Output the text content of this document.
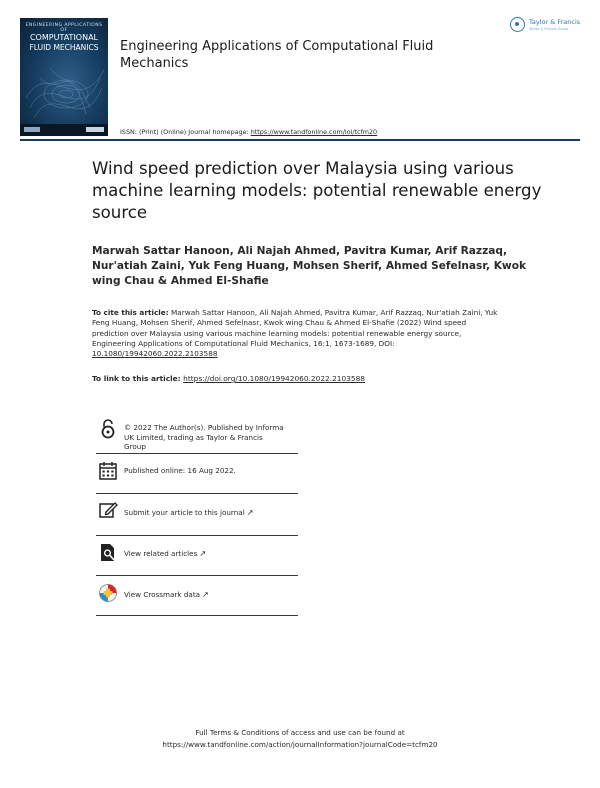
ENGINEERING APPLICATIONS OF
COMPUTATIONAL
FLUID MECHANICS	Engineering Applications of Computational Fluid Mechanics
ISSN: (Print) (Online) Journal homepage: https://www.tandfonline.com/loi/tcfm20
Taylor & Francis
Taylor & Francis Group
Wind speed prediction over Malaysia using various machine learning models: potential renewable energy source
Marwah Sattar Hanoon, Ali Najah Ahmed, Pavitra Kumar, Arif Razzaq, Nur'atiah Zaini, Yuk Feng Huang, Mohsen Sherif, Ahmed Sefelnasr, Kwok wing Chau & Ahmed El-Shafie
To cite this article: Marwah Sattar Hanoon, Ali Najah Ahmed, Pavitra Kumar, Arif Razzaq, Nur'atiah Zaini, Yuk Feng Huang, Mohsen Sherif, Ahmed Sefelnasr, Kwok wing Chau & Ahmed El-Shafie (2022) Wind speed prediction over Malaysia using various machine learning models: potential renewable energy source, Engineering Applications of Computational Fluid Mechanics, 16:1, 1673-1689, DOI: 10.1080/19942060.2022.2103588
To link to this article: https://doi.org/10.1080/19942060.2022.2103588
© 2022 The Author(s). Published by Informa
UK Limited, trading as Taylor & Francis
Group
Published online: 16 Aug 2022.
Submit your article to this journal ↗
View related articles ↗
View Crossmark data ↗
Full Terms & Conditions of access and use can be found at
https://www.tandfonline.com/action/journalInformation?journalCode=tcfm20
